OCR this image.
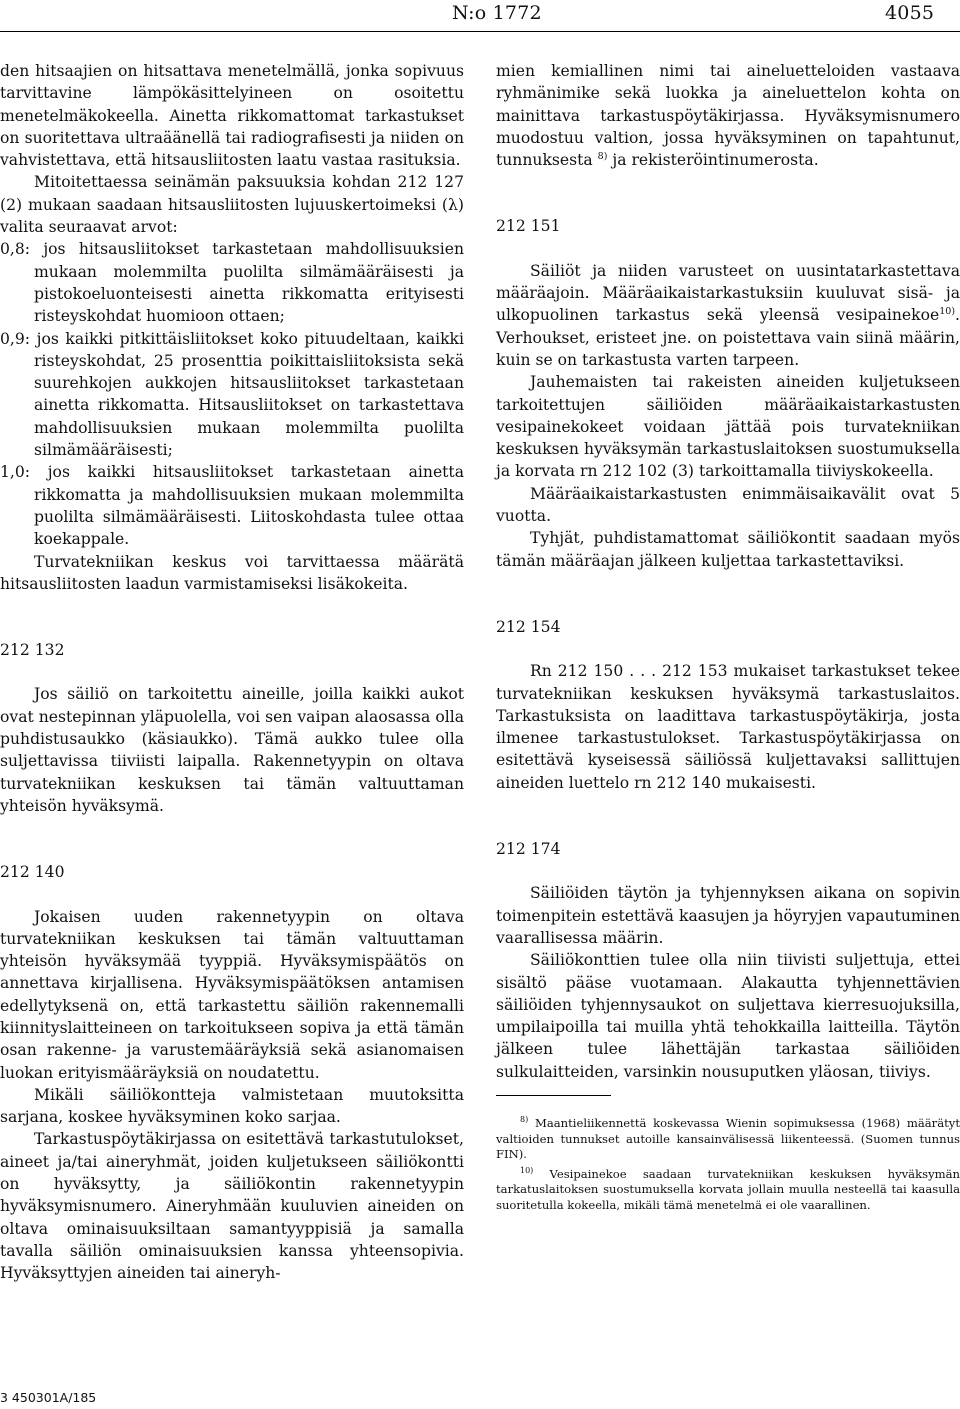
N:o 1772	4055

den hitsaajien on hitsattava menetelmällä, jonka sopivuus tarvittavine lämpökäsittelyineen on osoitettu menetelmäkokeella. Ainetta rikkomattomat tarkastukset on suoritettava ultraäänellä tai radiografisesti ja niiden on vahvistettava, että hitsausliitosten laatu vastaa rasituksia.

Mitoitettaessa seinämän paksuuksia kohdan 212 127 (2) mukaan saadaan hitsausliitosten lujuuskertoimeksi (λ) valita seuraavat arvot:

0,8: jos hitsausliitokset tarkastetaan mahdollisuuksien mukaan molemmilta puolilta silmämääräisesti ja pistokoeluonteisesti ainetta rikkomatta erityisesti risteyskohdat huomioon ottaen;

0,9: jos kaikki pitkittäisliitokset koko pituudeltaan, kaikki risteyskohdat, 25 prosenttia poikittaisliitoksista sekä suurehkojen aukkojen hitsausliitokset tarkastetaan ainetta rikkomatta. Hitsausliitokset on tarkastettava mahdollisuuksien mukaan molemmilta puolilta silmämääräisesti;

1,0: jos kaikki hitsausliitokset tarkastetaan ainetta rikkomatta ja mahdollisuuksien mukaan molemmilta puolilta silmämääräisesti. Liitoskohdasta tulee ottaa koekappale.

Turvatekniikan keskus voi tarvittaessa määrätä hitsausliitosten laadun varmistamiseksi lisäkokeita.

212 132

Jos säiliö on tarkoitettu aineille, joilla kaikki aukot ovat nestepinnan yläpuolella, voi sen vaipan alaosassa olla puhdistusaukko (käsiaukko). Tämä aukko tulee olla suljettavissa tiiviisti laipalla. Rakennetyypin on oltava turvatekniikan keskuksen tai tämän valtuuttaman yhteisön hyväksymä.

212 140

Jokaisen uuden rakennetyypin on oltava turvatekniikan keskuksen tai tämän valtuuttaman yhteisön hyväksymää tyyppiä. Hyväksymispäätös on annettava kirjallisena. Hyväksymispäätöksen antamisen edellytyksenä on, että tarkastettu säiliön rakennemalli kiinnityslaitteineen on tarkoitukseen sopiva ja että tämän osan rakenne- ja varustemääräyksiä sekä asianomaisen luokan erityismääräyksiä on noudatettu.

Mikäli säiliökontteja valmistetaan muutoksitta sarjana, koskee hyväksyminen koko sarjaa.

Tarkastuspöytäkirjassa on esitettävä tarkastutulokset, aineet ja/tai aineryhmät, joiden kuljetukseen säiliökontti on hyväksytty, ja säiliökontin rakennetyypin hyväksymisnumero. Aineryhmään kuuluvien aineiden on oltava ominaisuuksiltaan samantyyppisiä ja samalla tavalla säiliön ominaisuuksien kanssa yhteensopivia. Hyväksyttyjen aineiden tai aineryh-

mien kemiallinen nimi tai aineluetteloiden vastaava ryhmänimike sekä luokka ja aineluettelon kohta on mainittava tarkastuspöytäkirjassa. Hyväksymisnumero muodostuu valtion, jossa hyväksyminen on tapahtunut, tunnuksesta $^{8)}$ ja rekisteröintinumerosta.

212 151

Säiliöt ja niiden varusteet on uusintatarkastettava määräajoin. Määräaikaistarkastuksiin kuuluvat sisä- ja ulkopuolinen tarkastus sekä yleensä vesipainekoe$^{10)}$. Verhoukset, eristeet jne. on poistettava vain siinä määrin, kuin se on tarkastusta varten tarpeen.

Jauhemaisten tai rakeisten aineiden kuljetukseen tarkoitettujen säiliöiden määräaikaistarkastusten vesipainekokeet voidaan jättää pois turvatekniikan keskuksen hyväksymän tarkastuslaitoksen suostumuksella ja korvata rn 212 102 (3) tarkoittamalla tiiviyskokeella.

Määräaikaistarkastusten enimmäisaikavälit ovat 5 vuotta.

Tyhjät, puhdistamattomat säiliökontit saadaan myös tämän määräajan jälkeen kuljettaa tarkastettaviksi.

212 154

Rn 212 150 . . . 212 153 mukaiset tarkastukset tekee turvatekniikan keskuksen hyväksymä tarkastuslaitos. Tarkastuksista on laadittava tarkastuspöytäkirja, josta ilmenee tarkastustulokset. Tarkastuspöytäkirjassa on esitettävä kyseisessä säiliössä kuljettavaksi sallittujen aineiden luettelo rn 212 140 mukaisesti.

212 174

Säiliöiden täytön ja tyhjennyksen aikana on sopivin toimenpitein estettävä kaasujen ja höyryjen vapautuminen vaarallisessa määrin.

Säiliökonttien tulee olla niin tiivisti suljettuja, ettei sisältö pääse vuotamaan. Alakautta tyhjennettävien säiliöiden tyhjennysaukot on suljettava kierresuojuksilla, umpilaipoilla tai muilla yhtä tehokkailla laitteilla. Täytön jälkeen tulee lähettäjän tarkastaa säiliöiden sulkulaitteiden, varsinkin nousuputken yläosan, tiiviys.

$^{8)}$ Maantieliikennettä koskevassa Wienin sopimuksessa (1968) määrätyt valtioiden tunnukset autoille kansainvälisessä liikenteessä. (Suomen tunnus FIN).

$^{10)}$ Vesipainekoe saadaan turvatekniikan keskuksen hyväksymän tarkatuslaitoksen suostumuksella korvata jollain muulla nesteellä tai kaasulla suoritetulla kokeella, mikäli tämä menetelmä ei ole vaarallinen.

3 450301A/185
